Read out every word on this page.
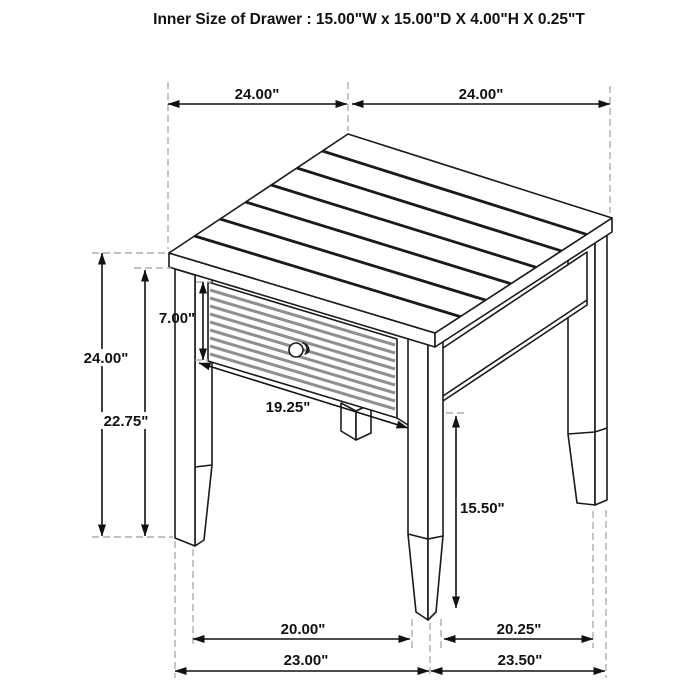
24.00"	24.00"
24.00"
22.75"
7.00"
19.25"
15.50"
20.00"	20.25"
23.00"	23.50"
Inner Size of Drawer : 15.00"W x 15.00"D X 4.00"H X 0.25"T
